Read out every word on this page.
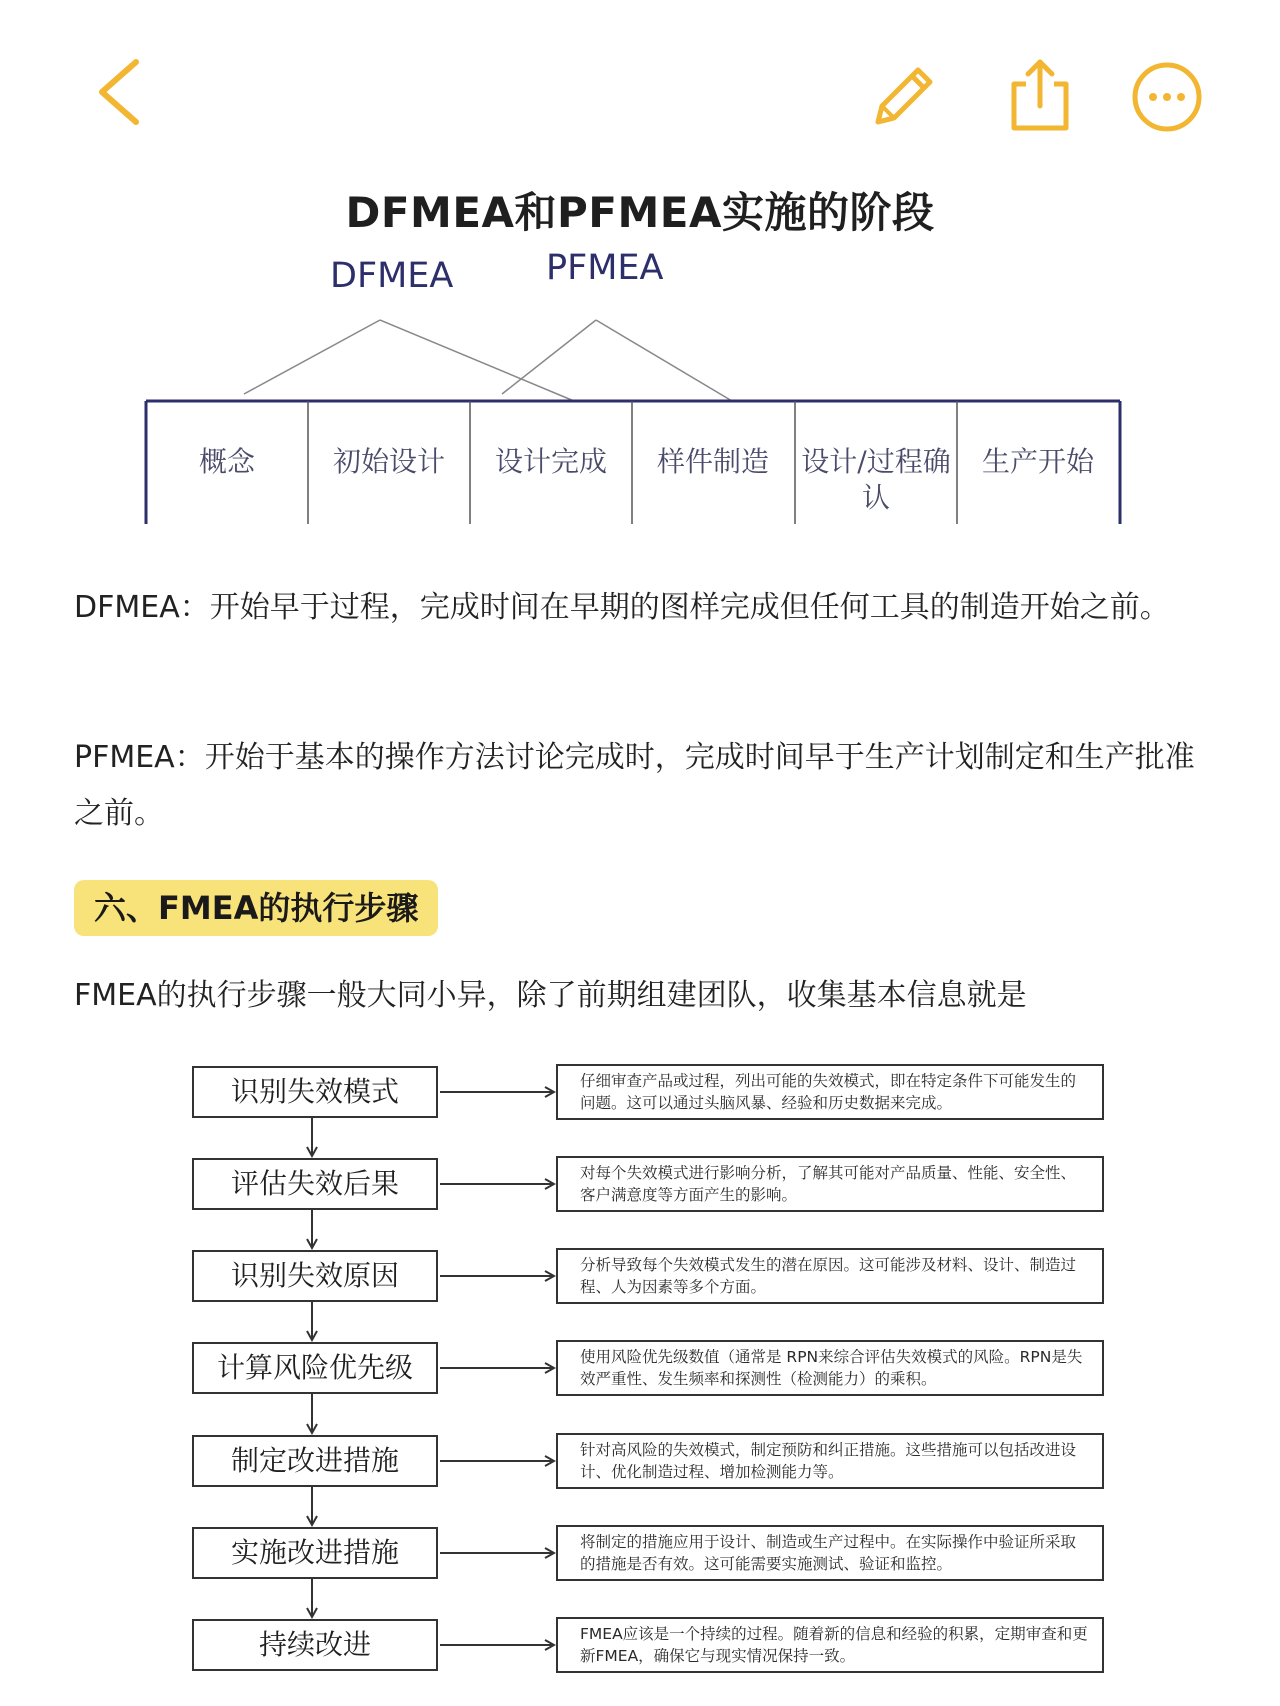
DFMEA和PFMEA实施的阶段
DFMEA	PFMEA
概念	初始设计	设计完成	样件制造	设计/过程确认
生产开始
DFMEA：开始早于过程，完成时间在早期的图样完成但任何工具的制造开始之前。
PFMEA：开始于基本的操作方法讨论完成时，完成时间早于生产计划制定和生产批准之前。
六、FMEA的执行步骤
FMEA的执行步骤一般大同小异，除了前期组建团队，收集基本信息就是
识别失效模式	仔细审查产品或过程，列出可能的失效模式，即在特定条件下可能发生的问题。这可以通过头脑风暴、经验和历史数据来完成。
评估失效后果	对每个失效模式进行影响分析，了解其可能对产品质量、性能、安全性、客户满意度等方面产生的影响。
识别失效原因	分析导致每个失效模式发生的潜在原因。这可能涉及材料、设计、制造过程、人为因素等多个方面。
计算风险优先级	使用风险优先级数值（通常是 RPN来综合评估失效模式的风险。RPN是失效严重性、发生频率和探测性（检测能力）的乘积。
制定改进措施	针对高风险的失效模式，制定预防和纠正措施。这些措施可以包括改进设计、优化制造过程、增加检测能力等。
实施改进措施	将制定的措施应用于设计、制造或生产过程中。在实际操作中验证所采取的措施是否有效。这可能需要实施测试、验证和监控。
持续改进	FMEA应该是一个持续的过程。随着新的信息和经验的积累，定期审查和更新FMEA，确保它与现实情况保持一致。
